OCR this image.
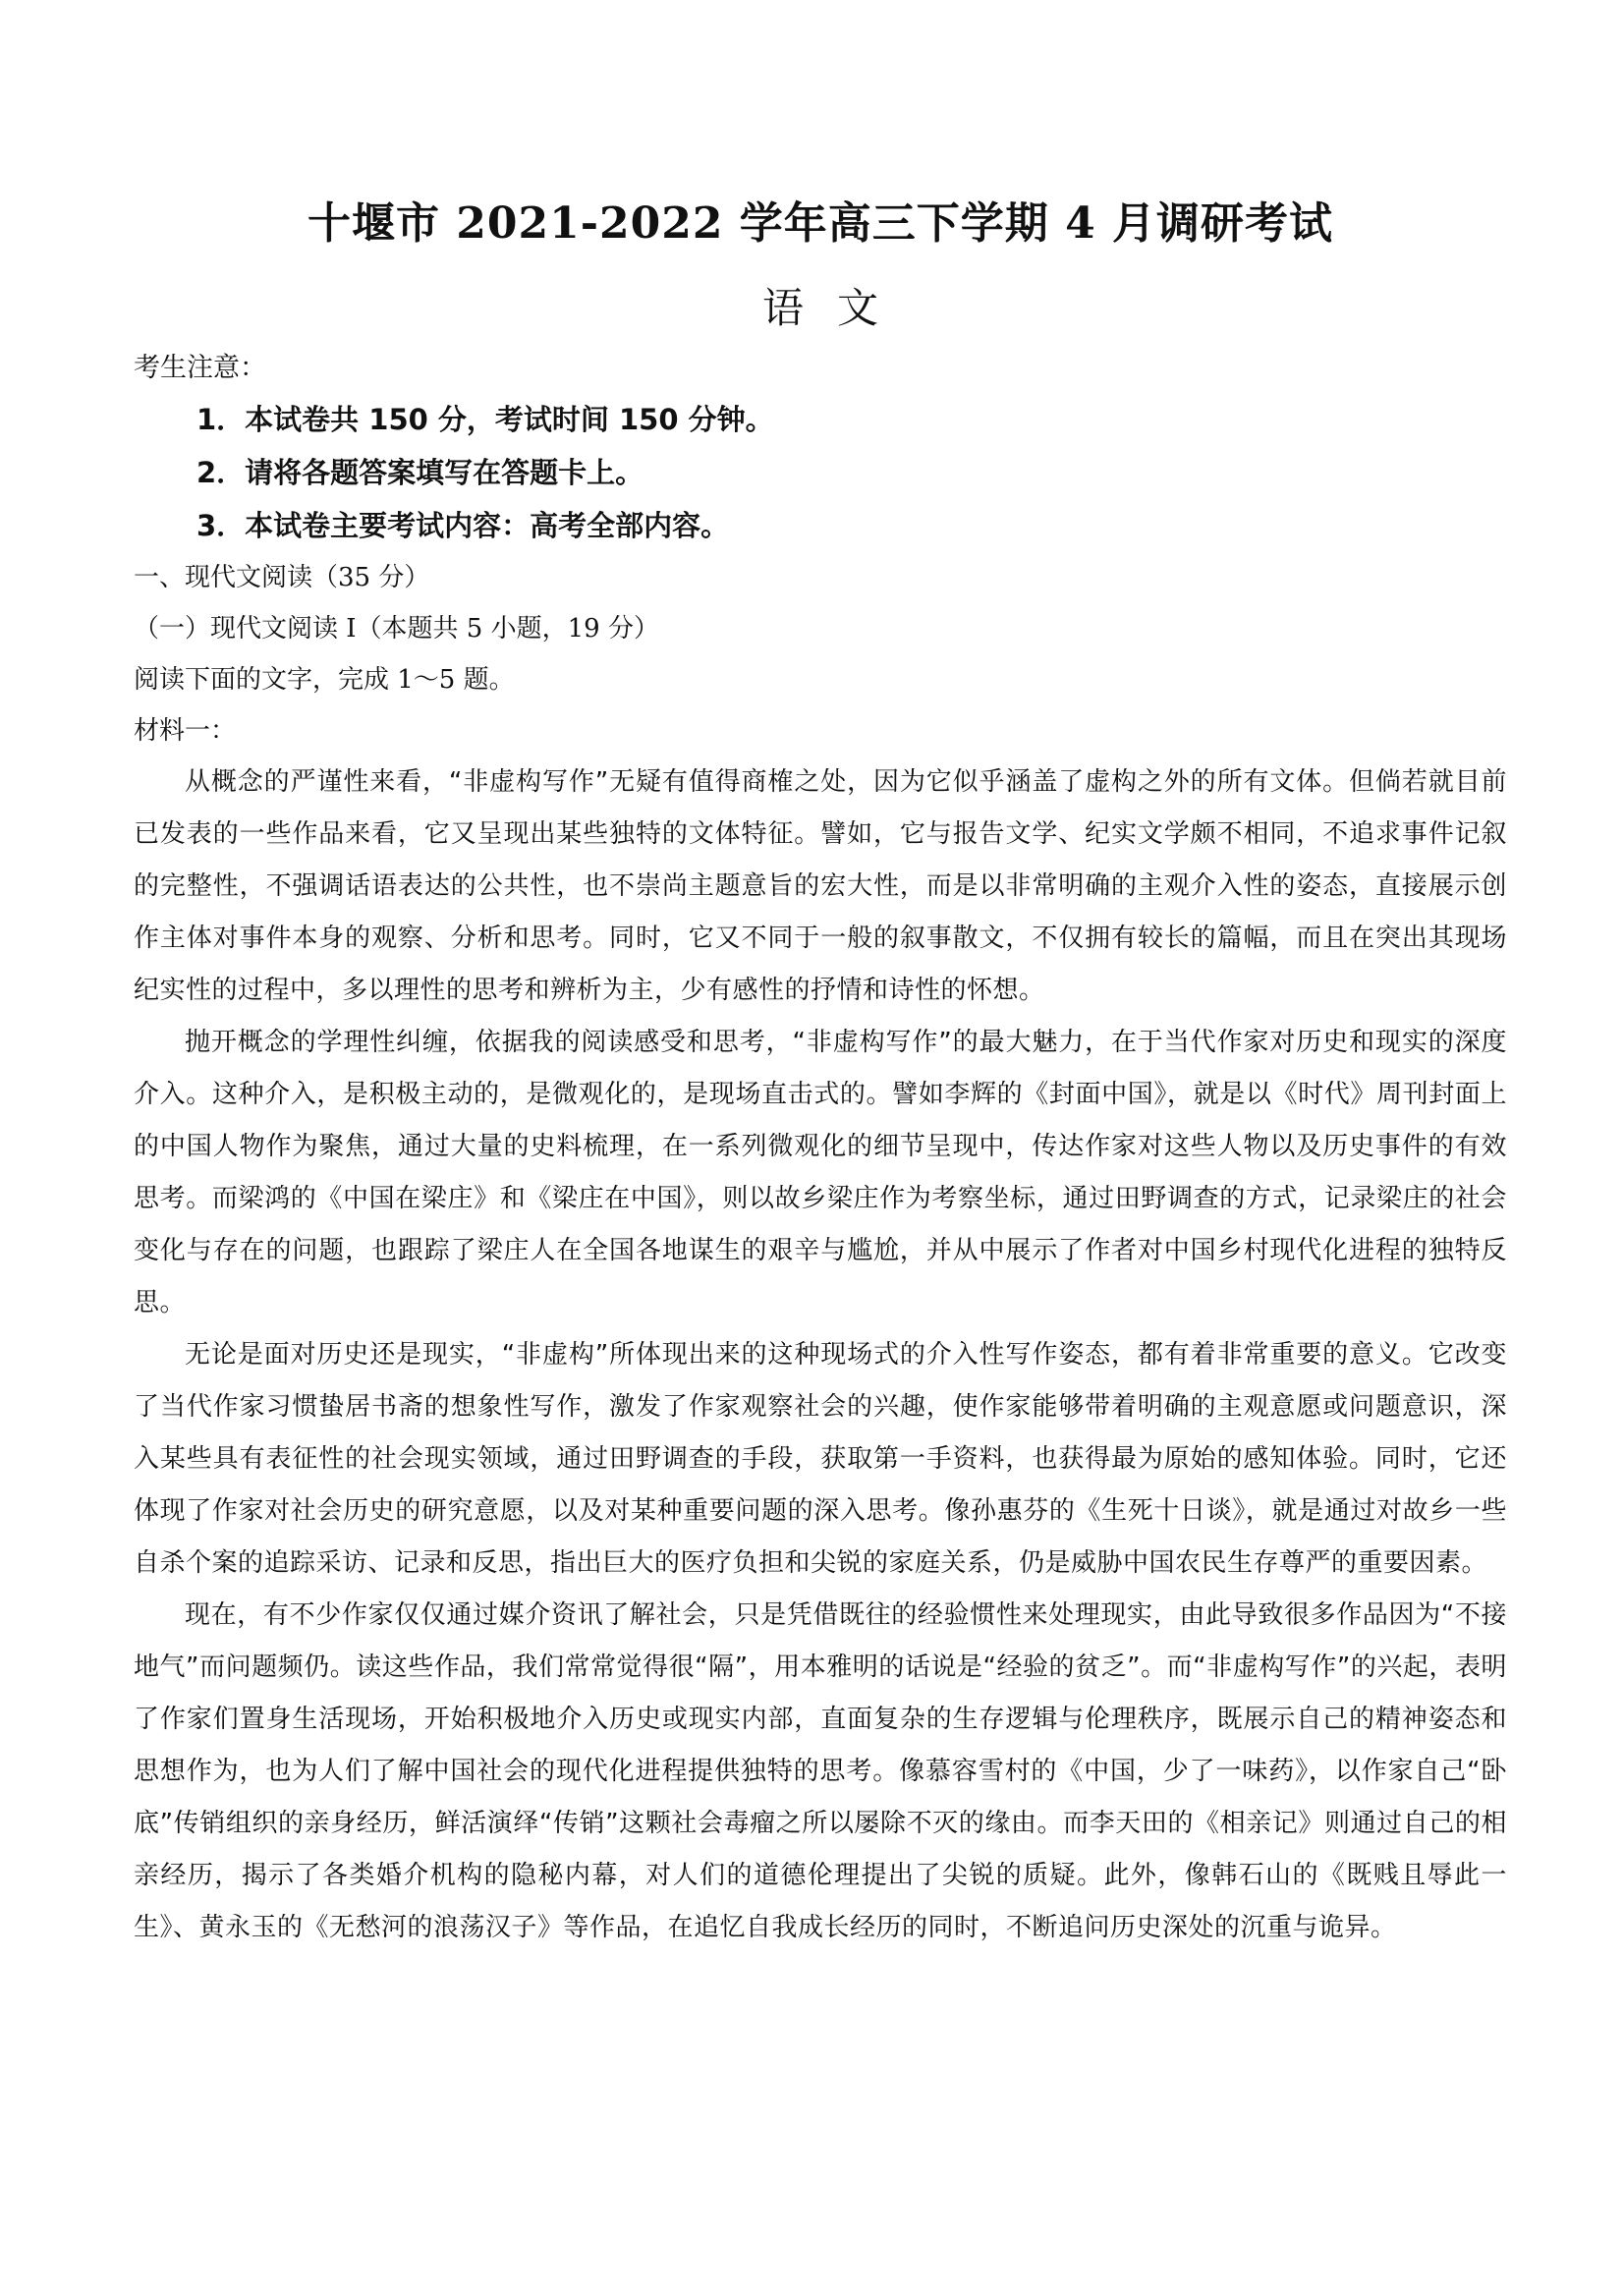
十堰市 2021-2022 学年高三下学期 4 月调研考试
语文
考生注意：
1．本试卷共 150 分，考试时间 150 分钟。
2．请将各题答案填写在答题卡上。
3．本试卷主要考试内容：高考全部内容。
一、现代文阅读（35 分）
（一）现代文阅读 I（本题共 5 小题，19 分）
阅读下面的文字，完成 1～5 题。
材料一：

从概念的严谨性来看，“非虚构写作”无疑有值得商榷之处，因为它似乎涵盖了虚构之外的所有文体。但倘若就目前已发表的一些作品来看，它又呈现出某些独特的文体特征。譬如，它与报告文学、纪实文学颇不相同，不追求事件记叙的完整性，不强调话语表达的公共性，也不崇尚主题意旨的宏大性，而是以非常明确的主观介入性的姿态，直接展示创作主体对事件本身的观察、分析和思考。同时，它又不同于一般的叙事散文，不仅拥有较长的篇幅，而且在突出其现场纪实性的过程中，多以理性的思考和辨析为主，少有感性的抒情和诗性的怀想。

抛开概念的学理性纠缠，依据我的阅读感受和思考，“非虚构写作”的最大魅力，在于当代作家对历史和现实的深度介入。这种介入，是积极主动的，是微观化的，是现场直击式的。譬如李辉的《封面中国》，就是以《时代》周刊封面上的中国人物作为聚焦，通过大量的史料梳理，在一系列微观化的细节呈现中，传达作家对这些人物以及历史事件的有效思考。而梁鸿的《中国在梁庄》和《梁庄在中国》，则以故乡梁庄作为考察坐标，通过田野调查的方式，记录梁庄的社会变化与存在的问题，也跟踪了梁庄人在全国各地谋生的艰辛与尴尬，并从中展示了作者对中国乡村现代化进程的独特反思。

无论是面对历史还是现实，“非虚构”所体现出来的这种现场式的介入性写作姿态，都有着非常重要的意义。它改变了当代作家习惯蛰居书斋的想象性写作，激发了作家观察社会的兴趣，使作家能够带着明确的主观意愿或问题意识，深入某些具有表征性的社会现实领域，通过田野调查的手段，获取第一手资料，也获得最为原始的感知体验。同时，它还体现了作家对社会历史的研究意愿，以及对某种重要问题的深入思考。像孙惠芬的《生死十日谈》，就是通过对故乡一些自杀个案的追踪采访、记录和反思，指出巨大的医疗负担和尖锐的家庭关系，仍是威胁中国农民生存尊严的重要因素。

现在，有不少作家仅仅通过媒介资讯了解社会，只是凭借既往的经验惯性来处理现实，由此导致很多作品因为“不接地气”而问题频仍。读这些作品，我们常常觉得很“隔”，用本雅明的话说是“经验的贫乏”。而“非虚构写作”的兴起，表明了作家们置身生活现场，开始积极地介入历史或现实内部，直面复杂的生存逻辑与伦理秩序，既展示自己的精神姿态和思想作为，也为人们了解中国社会的现代化进程提供独特的思考。像慕容雪村的《中国，少了一味药》，以作家自己“卧底”传销组织的亲身经历，鲜活演绎“传销”这颗社会毒瘤之所以屡除不灭的缘由。而李天田的《相亲记》则通过自己的相亲经历，揭示了各类婚介机构的隐秘内幕，对人们的道德伦理提出了尖锐的质疑。此外，像韩石山的《既贱且辱此一生》、黄永玉的《无愁河的浪荡汉子》等作品，在追忆自我成长经历的同时，不断追问历史深处的沉重与诡异。
